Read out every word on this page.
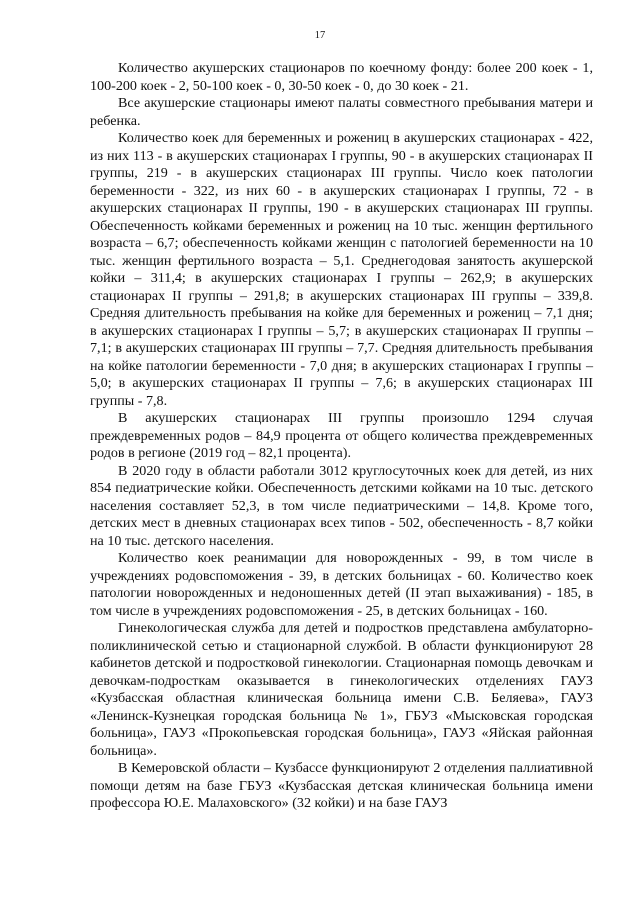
17

Количество акушерских стационаров по коечному фонду: более 200 коек - 1, 100-200 коек - 2, 50-100 коек - 0, 30-50 коек - 0, до 30 коек - 21.

Все акушерские стационары имеют палаты совместного пребывания матери и ребенка.

Количество коек для беременных и рожениц в акушерских стационарах - 422, из них 113 - в акушерских стационарах I группы, 90 - в акушерских стационарах II группы, 219 - в акушерских стационарах III группы. Число коек патологии беременности - 322, из них 60 - в акушерских стационарах I группы, 72 - в акушерских стационарах II группы, 190 - в акушерских стационарах III группы. Обеспеченность койками беременных и рожениц на 10 тыс. женщин фертильного возраста – 6,7; обеспеченность койками женщин с патологией беременности на 10 тыс. женщин фертильного возраста – 5,1. Среднегодовая занятость акушерской койки – 311,4; в акушерских стационарах I группы – 262,9; в акушерских стационарах II группы – 291,8; в акушерских стационарах III группы – 339,8. Средняя длительность пребывания на койке для беременных и рожениц – 7,1 дня; в акушерских стационарах I группы – 5,7; в акушерских стационарах II группы – 7,1; в акушерских стационарах III группы – 7,7. Средняя длительность пребывания на койке патологии беременности - 7,0 дня; в акушерских стационарах I группы – 5,0; в акушерских стационарах II группы – 7,6; в акушерских стационарах III группы - 7,8.

В акушерских стационарах III группы произошло 1294 случая преждевременных родов – 84,9 процента от общего количества преждевременных родов в регионе (2019 год – 82,1 процента).

В 2020 году в области работали 3012 круглосуточных коек для детей, из них 854 педиатрические койки. Обеспеченность детскими койками на 10 тыс. детского населения составляет 52,3, в том числе педиатрическими – 14,8. Кроме того, детских мест в дневных стационарах всех типов - 502, обеспеченность - 8,7 койки на 10 тыс. детского населения.

Количество коек реанимации для новорожденных - 99, в том числе в учреждениях родовспоможения - 39, в детских больницах - 60. Количество коек патологии новорожденных и недоношенных детей (II этап выхаживания) - 185, в том числе в учреждениях родовспоможения - 25, в детских больницах - 160.

Гинекологическая служба для детей и подростков представлена амбулаторно-поликлинической сетью и стационарной службой. В области функционируют 28 кабинетов детской и подростковой гинекологии. Стационарная помощь девочкам и девочкам-подросткам оказывается в гинекологических отделениях ГАУЗ «Кузбасская областная клиническая больница имени С.В. Беляева», ГАУЗ «Ленинск-Кузнецкая городская больница № 1», ГБУЗ «Мысковская городская больница», ГАУЗ «Прокопьевская городская больница», ГАУЗ «Яйская районная больница».

В Кемеровской области – Кузбассе функционируют 2 отделения паллиативной помощи детям на базе ГБУЗ «Кузбасская детская клиническая больница имени профессора Ю.Е. Малаховского» (32 койки) и на базе ГАУЗ
